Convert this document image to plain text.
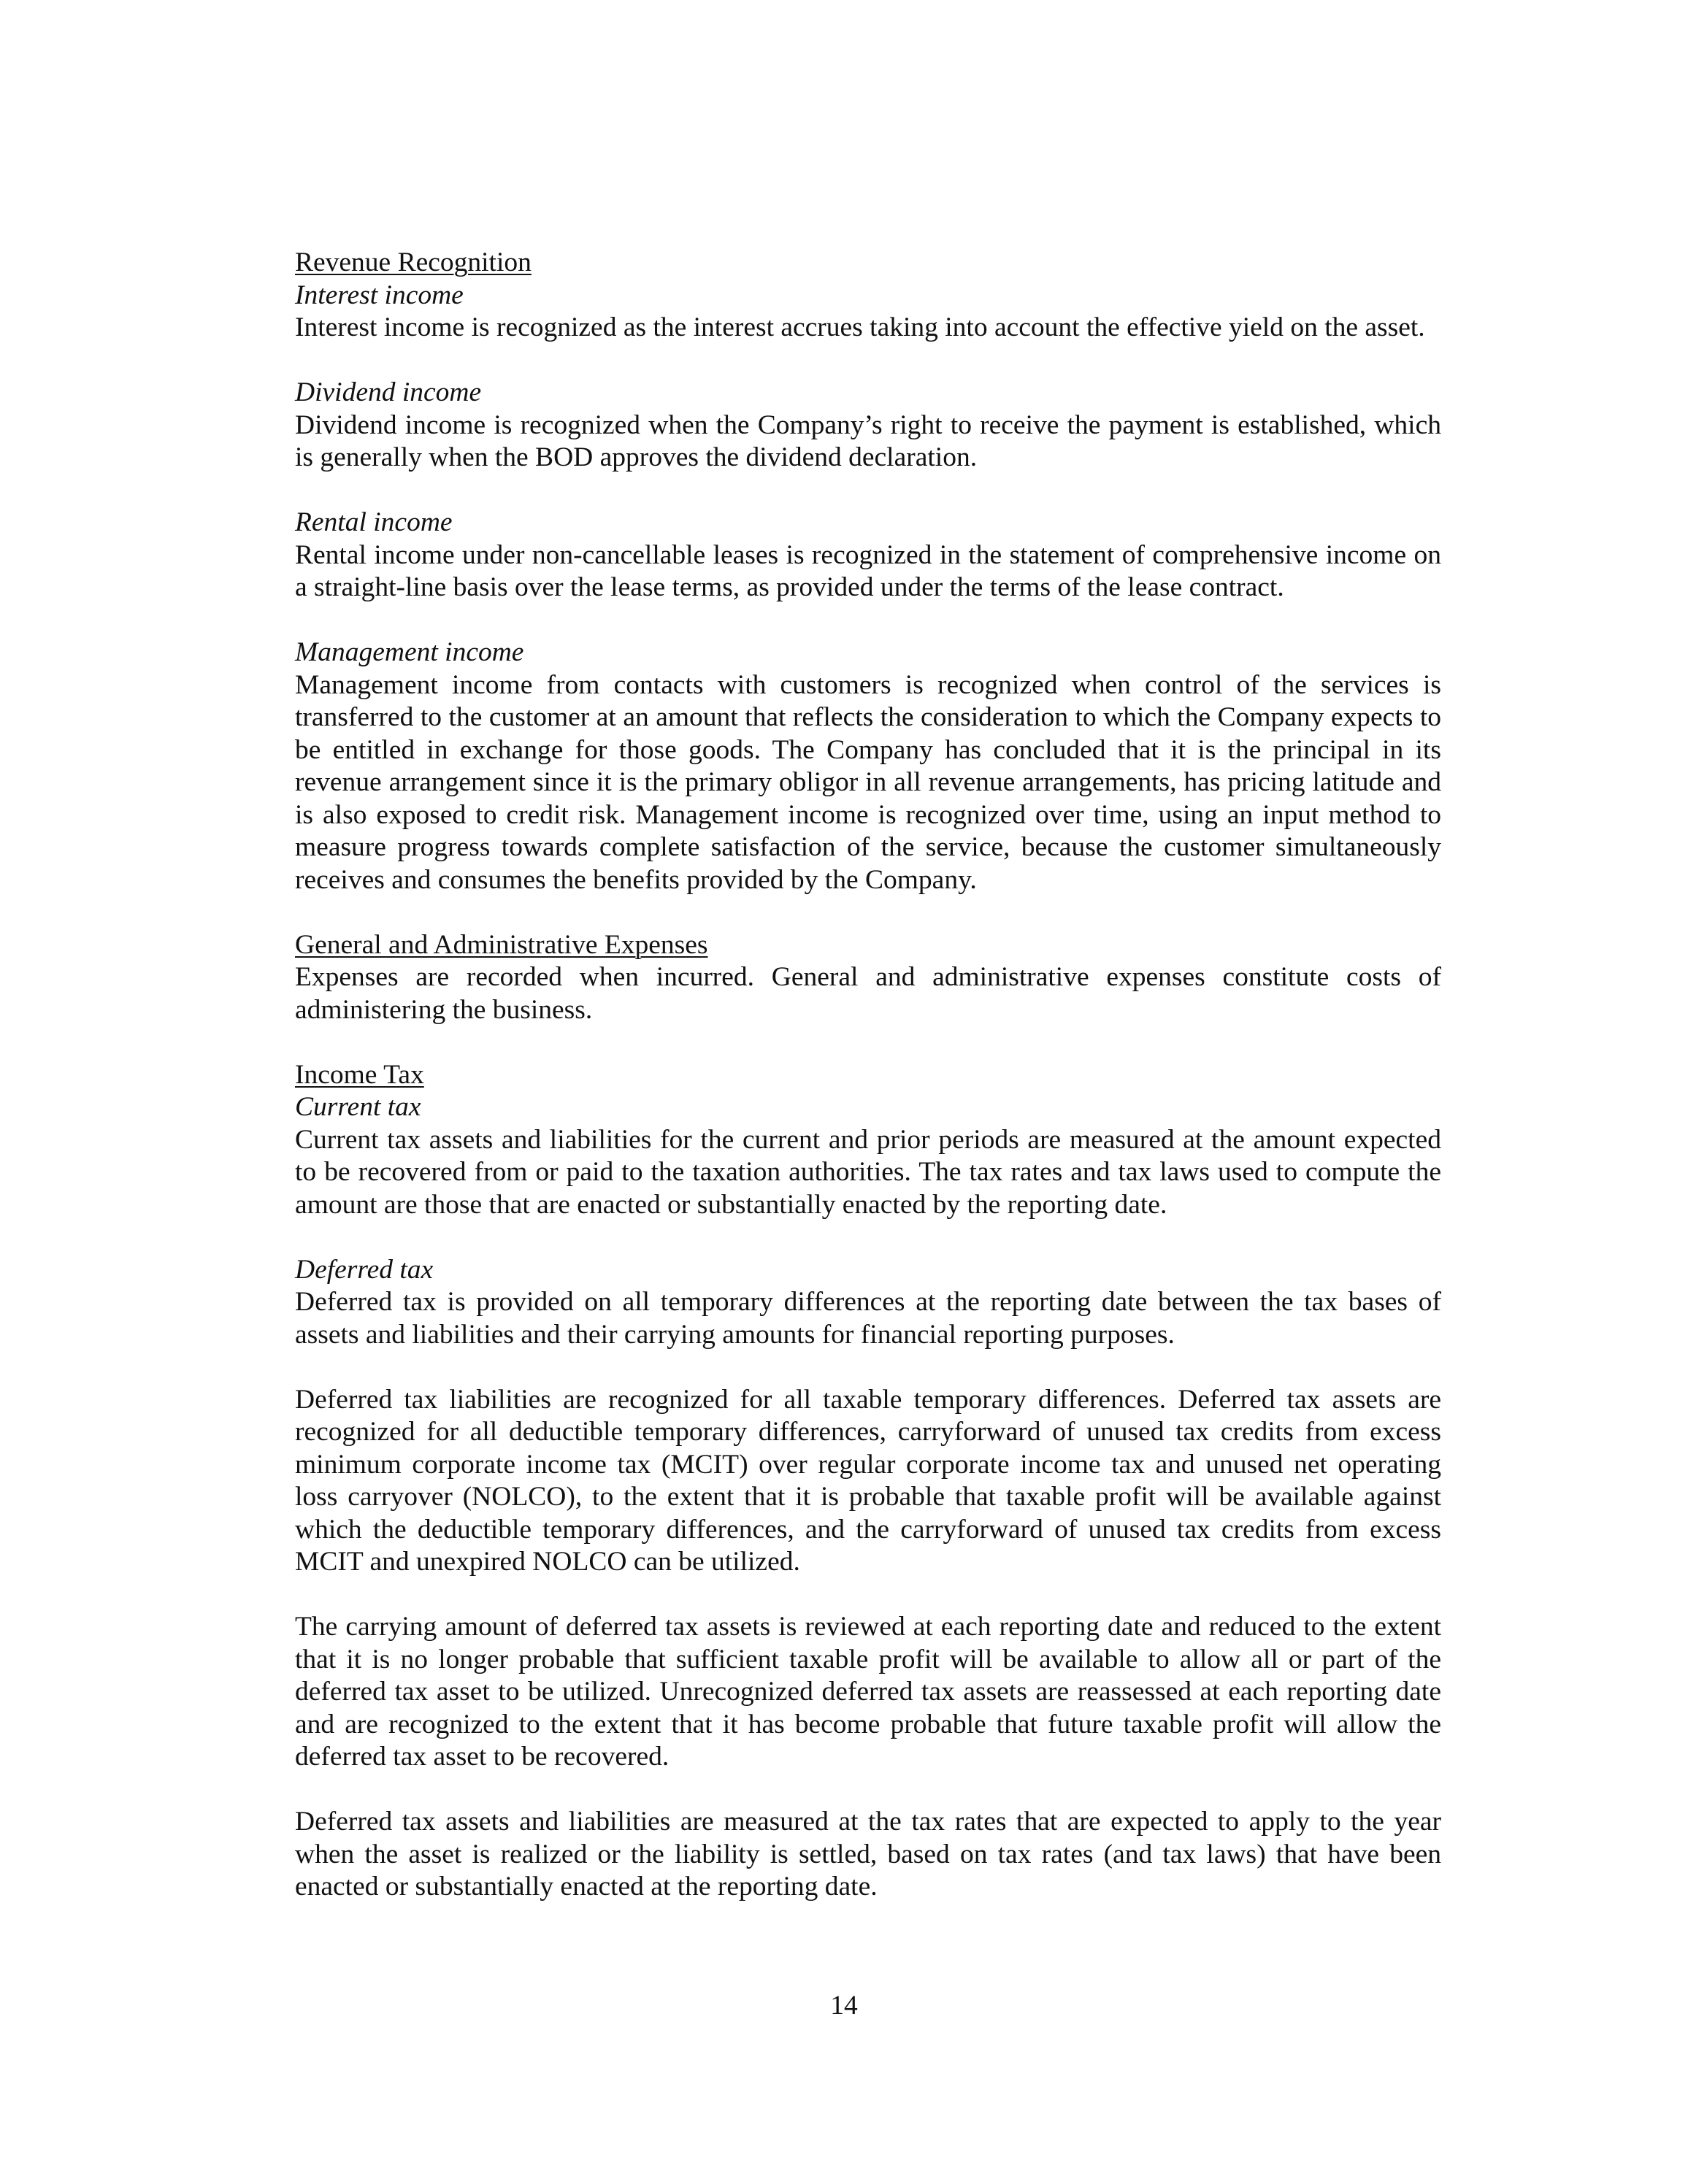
Revenue Recognition
Interest income

Interest income is recognized as the interest accrues taking into account the effective yield on the asset.

Dividend income

Dividend income is recognized when the Company’s right to receive the payment is established, which is generally when the BOD approves the dividend declaration.

Rental income

Rental income under non-cancellable leases is recognized in the statement of comprehensive income on a straight-line basis over the lease terms, as provided under the terms of the lease contract.

Management income

Management income from contacts with customers is recognized when control of the services is transferred to the customer at an amount that reflects the consideration to which the Company expects to be entitled in exchange for those goods. The Company has concluded that it is the principal in its revenue arrangement since it is the primary obligor in all revenue arrangements, has pricing latitude and is also exposed to credit risk. Management income is recognized over time, using an input method to measure progress towards complete satisfaction of the service, because the customer simultaneously receives and consumes the benefits provided by the Company.

General and Administrative Expenses

Expenses are recorded when incurred. General and administrative expenses constitute costs of administering the business.

Income Tax
Current tax

Current tax assets and liabilities for the current and prior periods are measured at the amount expected to be recovered from or paid to the taxation authorities. The tax rates and tax laws used to compute the amount are those that are enacted or substantially enacted by the reporting date.

Deferred tax

Deferred tax is provided on all temporary differences at the reporting date between the tax bases of assets and liabilities and their carrying amounts for financial reporting purposes.

Deferred tax liabilities are recognized for all taxable temporary differences. Deferred tax assets are recognized for all deductible temporary differences, carryforward of unused tax credits from excess minimum corporate income tax (MCIT) over regular corporate income tax and unused net operating loss carryover (NOLCO), to the extent that it is probable that taxable profit will be available against which the deductible temporary differences, and the carryforward of unused tax credits from excess MCIT and unexpired NOLCO can be utilized.

The carrying amount of deferred tax assets is reviewed at each reporting date and reduced to the extent that it is no longer probable that sufficient taxable profit will be available to allow all or part of the deferred tax asset to be utilized. Unrecognized deferred tax assets are reassessed at each reporting date and are recognized to the extent that it has become probable that future taxable profit will allow the deferred tax asset to be recovered.

Deferred tax assets and liabilities are measured at the tax rates that are expected to apply to the year when the asset is realized or the liability is settled, based on tax rates (and tax laws) that have been enacted or substantially enacted at the reporting date.

14
